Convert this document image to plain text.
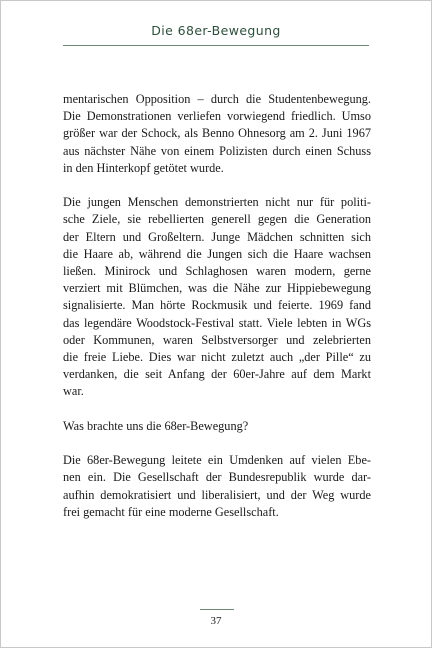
Die 68er-Bewegung

mentarischen Opposition – durch die Studentenbewegung.
Die Demonstrationen verliefen vorwiegend friedlich. Umso
größer war der Schock, als Benno Ohnesorg am 2. Juni 1967
aus nächster Nähe von einem Polizisten durch einen Schuss
in den Hinterkopf getötet wurde.

Die jungen Menschen demonstrierten nicht nur für politi-
sche Ziele, sie rebellierten generell gegen die Generation
der Eltern und Großeltern. Junge Mädchen schnitten sich
die Haare ab, während die Jungen sich die Haare wachsen
ließen. Minirock und Schlaghosen waren modern, gerne
verziert mit Blümchen, was die Nähe zur Hippiebewegung
signalisierte. Man hörte Rockmusik und feierte. 1969 fand
das legendäre Woodstock-Festival statt. Viele lebten in WGs
oder Kommunen, waren Selbstversorger und zelebrierten
die freie Liebe. Dies war nicht zuletzt auch „der Pille“ zu
verdanken, die seit Anfang der 60er-Jahre auf dem Markt
war.

Was brachte uns die 68er-Bewegung?

Die 68er-Bewegung leitete ein Umdenken auf vielen Ebe-
nen ein. Die Gesellschaft der Bundesrepublik wurde dar-
aufhin demokratisiert und liberalisiert, und der Weg wurde
frei gemacht für eine moderne Gesellschaft.

37
